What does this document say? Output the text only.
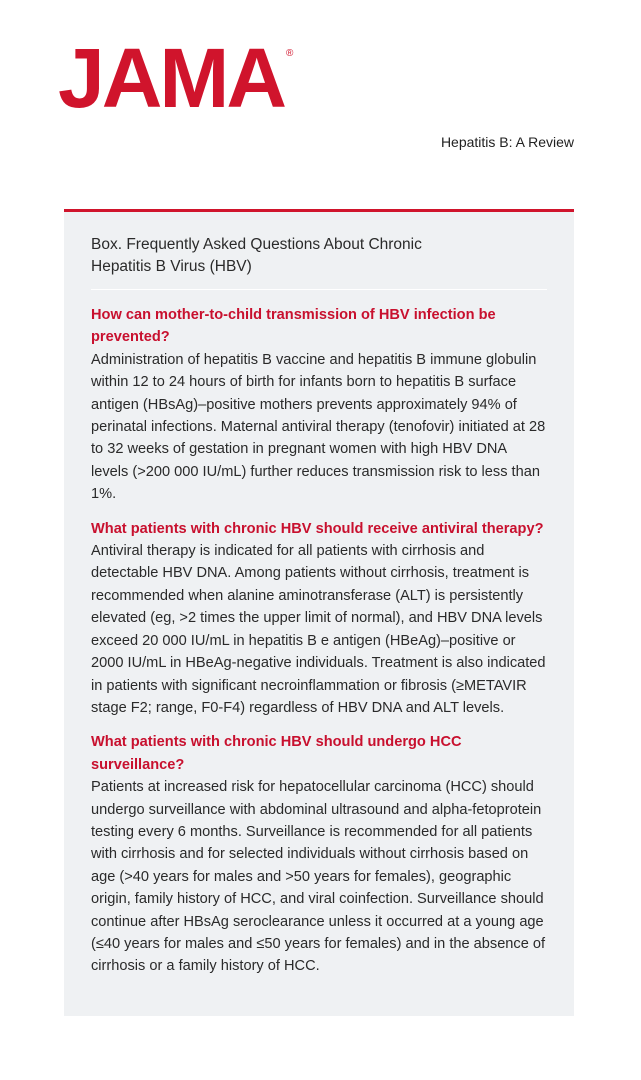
JAMA ®
Hepatitis B: A Review

Box. Frequently Asked Questions About Chronic Hepatitis B Virus (HBV)

How can mother-to-child transmission of HBV infection be prevented?

Administration of hepatitis B vaccine and hepatitis B immune globulin within 12 to 24 hours of birth for infants born to hepatitis B surface antigen (HBsAg)–positive mothers prevents approximately 94% of perinatal infections. Maternal antiviral therapy (tenofovir) initiated at 28 to 32 weeks of gestation in pregnant women with high HBV DNA levels (>200 000 IU/mL) further reduces transmission risk to less than 1%.

What patients with chronic HBV should receive antiviral therapy?

Antiviral therapy is indicated for all patients with cirrhosis and detectable HBV DNA. Among patients without cirrhosis, treatment is recommended when alanine aminotransferase (ALT) is persistently elevated (eg, >2 times the upper limit of normal), and HBV DNA levels exceed 20 000 IU/mL in hepatitis B e antigen (HBeAg)–positive or 2000 IU/mL in HBeAg-negative individuals. Treatment is also indicated in patients with significant necroinflammation or fibrosis (≥METAVIR stage F2; range, F0-F4) regardless of HBV DNA and ALT levels.

What patients with chronic HBV should undergo HCC surveillance?

Patients at increased risk for hepatocellular carcinoma (HCC) should undergo surveillance with abdominal ultrasound and alpha-fetoprotein testing every 6 months. Surveillance is recommended for all patients with cirrhosis and for selected individuals without cirrhosis based on age (>40 years for males and >50 years for females), geographic origin, family history of HCC, and viral coinfection. Surveillance should continue after HBsAg seroclearance unless it occurred at a young age (≤40 years for males and ≤50 years for females) and in the absence of cirrhosis or a family history of HCC.
